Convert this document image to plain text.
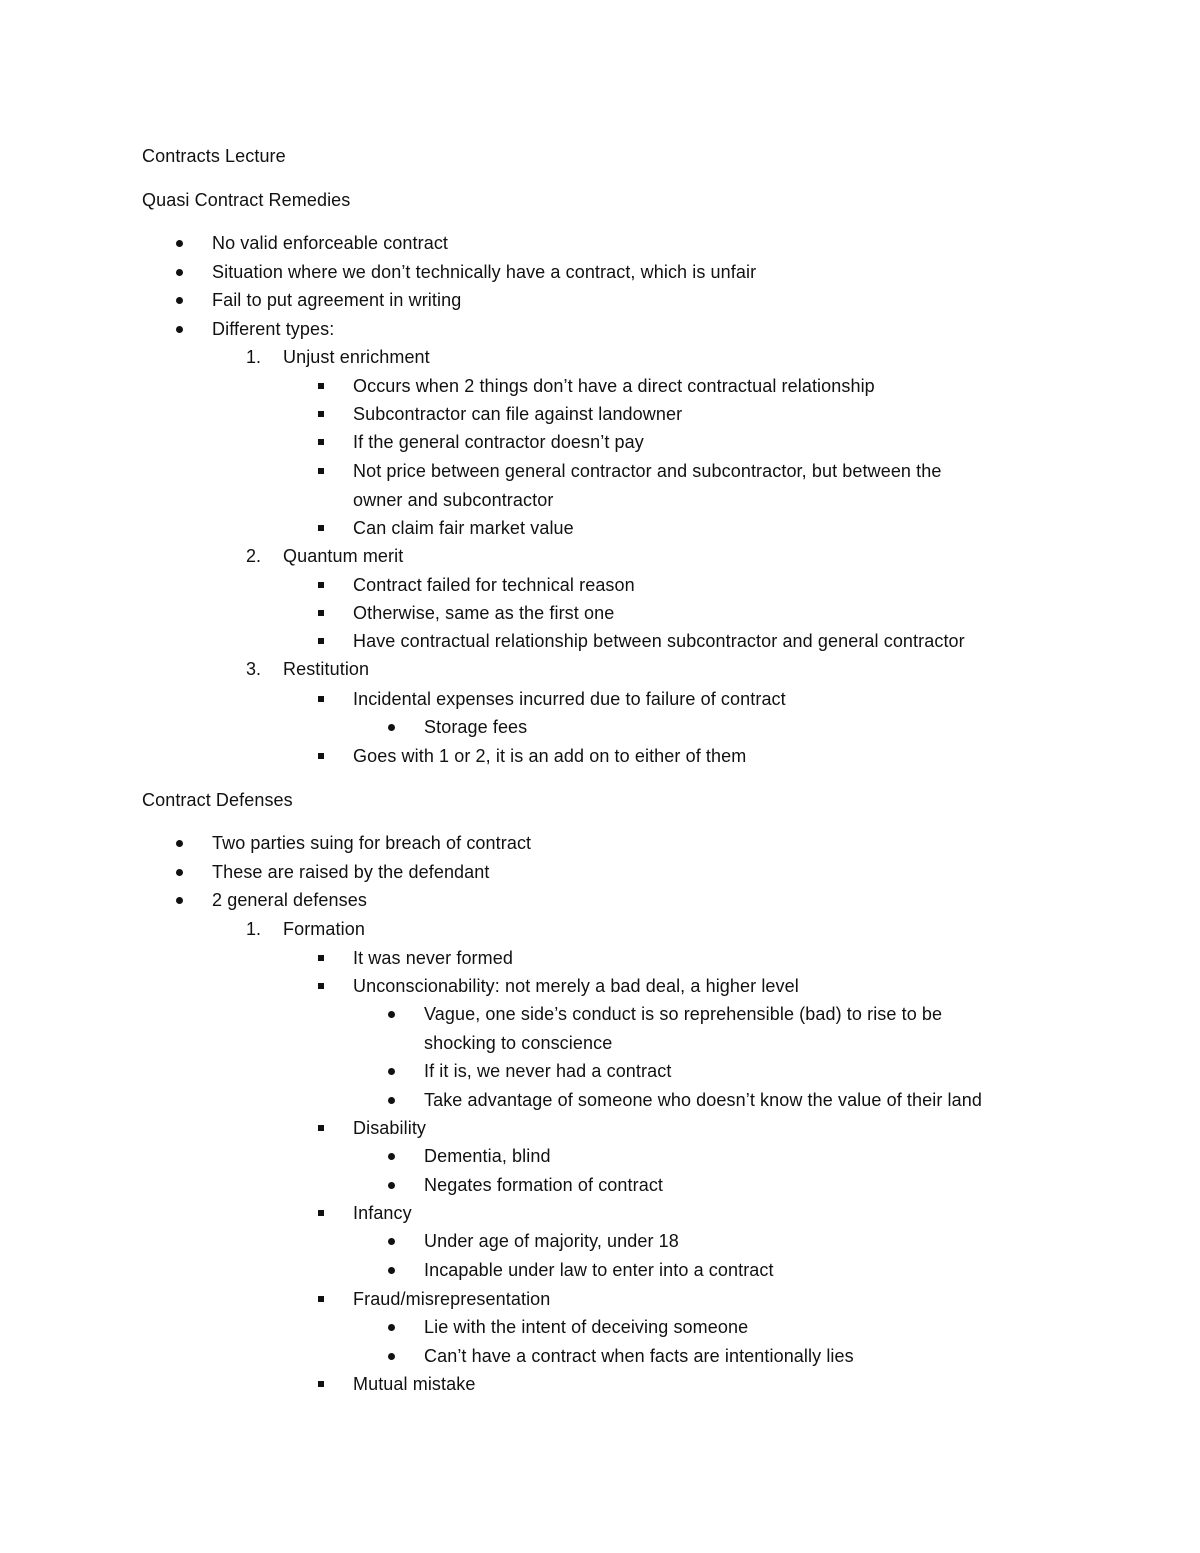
Contracts Lecture
Quasi Contract Remedies
No valid enforceable contract
Situation where we don’t technically have a contract, which is unfair
Fail to put agreement in writing
Different types:
1. Unjust enrichment
Occurs when 2 things don’t have a direct contractual relationship
Subcontractor can file against landowner
If the general contractor doesn’t pay
Not price between general contractor and subcontractor, but between the
owner and subcontractor
Can claim fair market value
2. Quantum merit
Contract failed for technical reason
Otherwise, same as the first one
Have contractual relationship between subcontractor and general contractor
3. Restitution
Incidental expenses incurred due to failure of contract
Storage fees
Goes with 1 or 2, it is an add on to either of them
Contract Defenses
Two parties suing for breach of contract
These are raised by the defendant
2 general defenses
1. Formation
It was never formed
Unconscionability: not merely a bad deal, a higher level
Vague, one side’s conduct is so reprehensible (bad) to rise to be
shocking to conscience
If it is, we never had a contract
Take advantage of someone who doesn’t know the value of their land
Disability
Dementia, blind
Negates formation of contract
Infancy
Under age of majority, under 18
Incapable under law to enter into a contract
Fraud/misrepresentation
Lie with the intent of deceiving someone
Can’t have a contract when facts are intentionally lies
Mutual mistake
